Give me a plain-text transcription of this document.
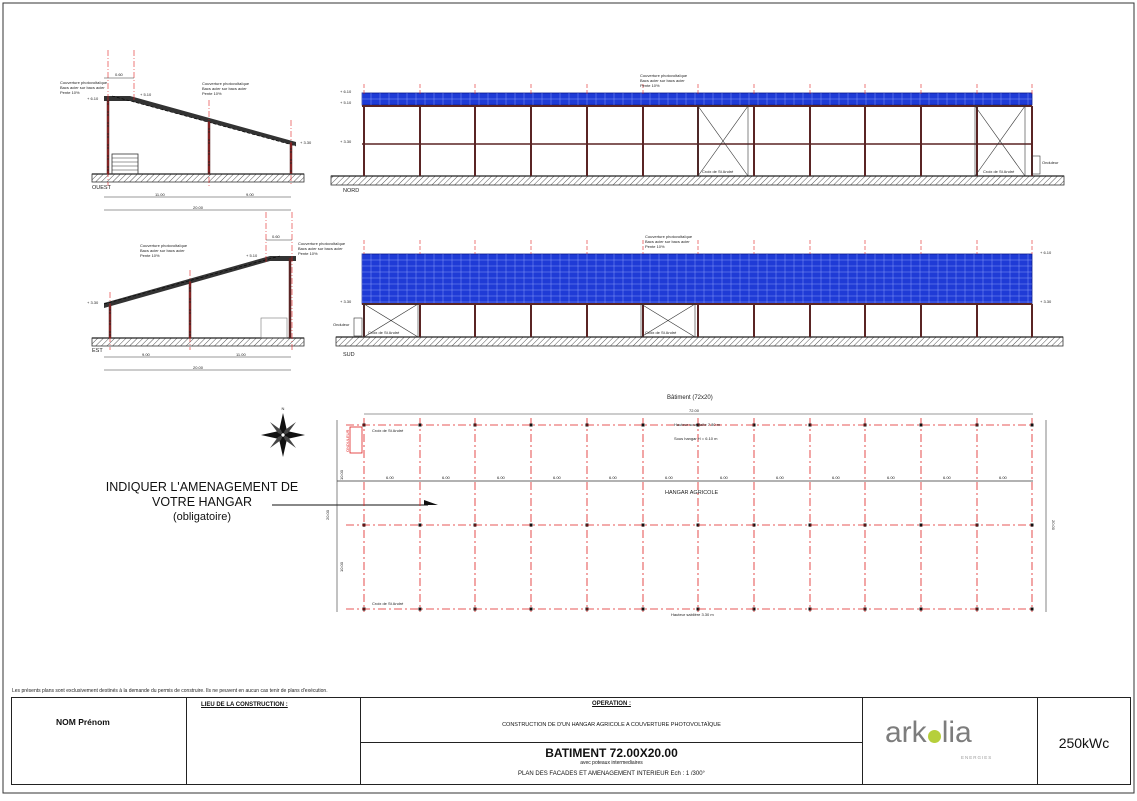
11.00	9.00
20.00
0.60
OUEST
Couverture photovoltaïque
Bacs acier sur bacs acier
Pente 10%
Couverture photovoltaïque
Bacs acier sur bacs acier
Pente 10%
+ 6.10
+ 5.10
+ 3.30
NORD
Couverture photovoltaïque
Bacs acier sur bacs acier
Pente 10%
+ 6.10
+ 5.10
+ 3.30
Croix de St André	Croix de St André
Onduleur
9.00	11.00
20.00
0.60
EST
Couverture photovoltaïque
Bacs acier sur bacs acier
Pente 10%
Couverture photovoltaïque
Bacs acier sur bacs acier
Pente 10%
+ 3.30
+ 5.10
SUD
Couverture photovoltaïque
Bacs acier sur bacs acier
Pente 10%
+ 6.10
+ 3.30
+ 3.30
Croix de St André	Croix de St André
Onduleur
N
ONDULEUR
Bâtiment (72x20)
72.00
HANGAR AGRICOLE
Hauteur sous faîte 7.80 m
Sous hangar H = 6.10 m
Hauteur sablière 3.30 m
Croix de St André
Croix de St André
20.00
20.00
10.00
10.00	6.00	6.00	6.00	6.00	6.00	6.00	6.00	6.00	6.00	6.00	6.00	6.00
INDIQUER L'AMENAGEMENT DE
VOTRE HANGAR
(obligatoire)
Les présents plans sont exclusivement destinés à la demande du permis de construire. Ils ne peuvent en aucun cas tenir de plans d'exécution.
NOM Prénom
LIEU DE LA CONSTRUCTION :	OPERATION :
CONSTRUCTION DE D'UN HANGAR AGRICOLE A COUVERTURE PHOTOVOLTAÏQUE
BATIMENT 72.00X20.00
avec poteaux intermediaires
PLAN DES FACADES ET AMENAGEMENT INTERIEUR Ech : 1 /300°
ark lia
ENERGIES
250kWc
